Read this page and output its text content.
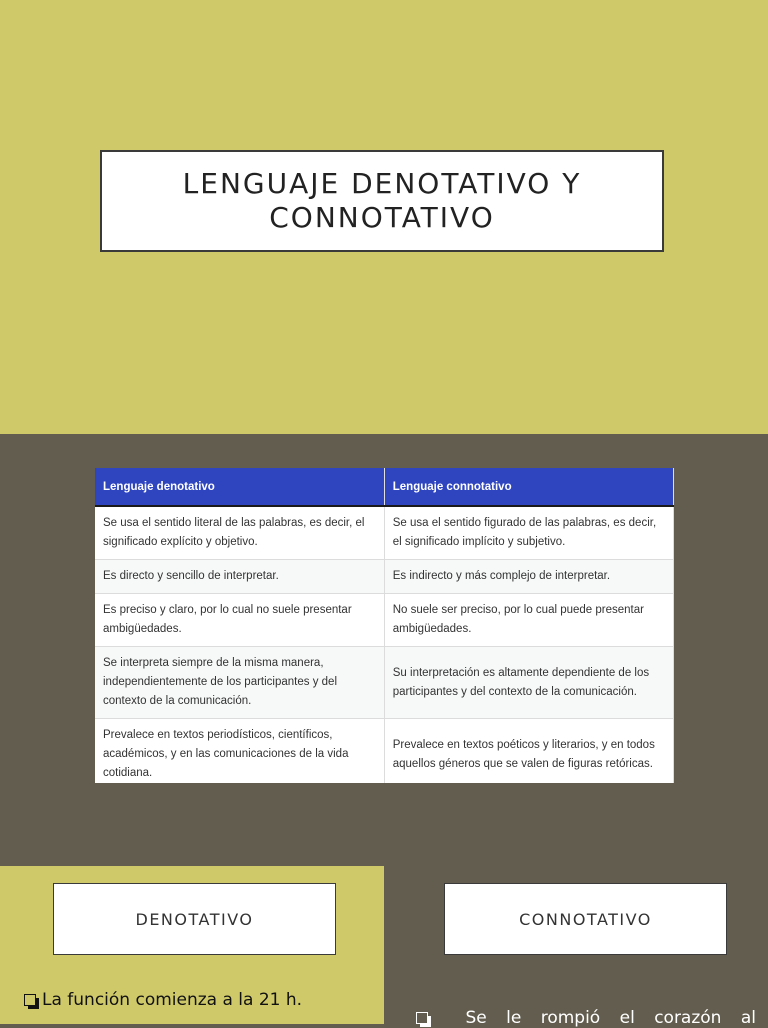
LENGUAJE DENOTATIVO Y CONNOTATIVO
Lenguaje denotativo	Lenguaje connotativo
Se usa el sentido literal de las palabras, es decir, el significado explícito y objetivo.	Se usa el sentido figurado de las palabras, es decir, el significado implícito y subjetivo.
Es directo y sencillo de interpretar.	Es indirecto y más complejo de interpretar.
Es preciso y claro, por lo cual no suele presentar ambigüedades.	No suele ser preciso, por lo cual puede presentar ambigüedades.
Se interpreta siempre de la misma manera, independientemente de los participantes y del contexto de la comunicación.	Su interpretación es altamente dependiente de los participantes y del contexto de la comunicación.
Prevalece en textos periodísticos, científicos, académicos, y en las comunicaciones de la vida cotidiana.	Prevalece en textos poéticos y literarios, y en todos aquellos géneros que se valen de figuras retóricas.
DENOTATIVO	CONNOTATIVO
La función comienza a la 21 h.
Se le rompió el corazón al
